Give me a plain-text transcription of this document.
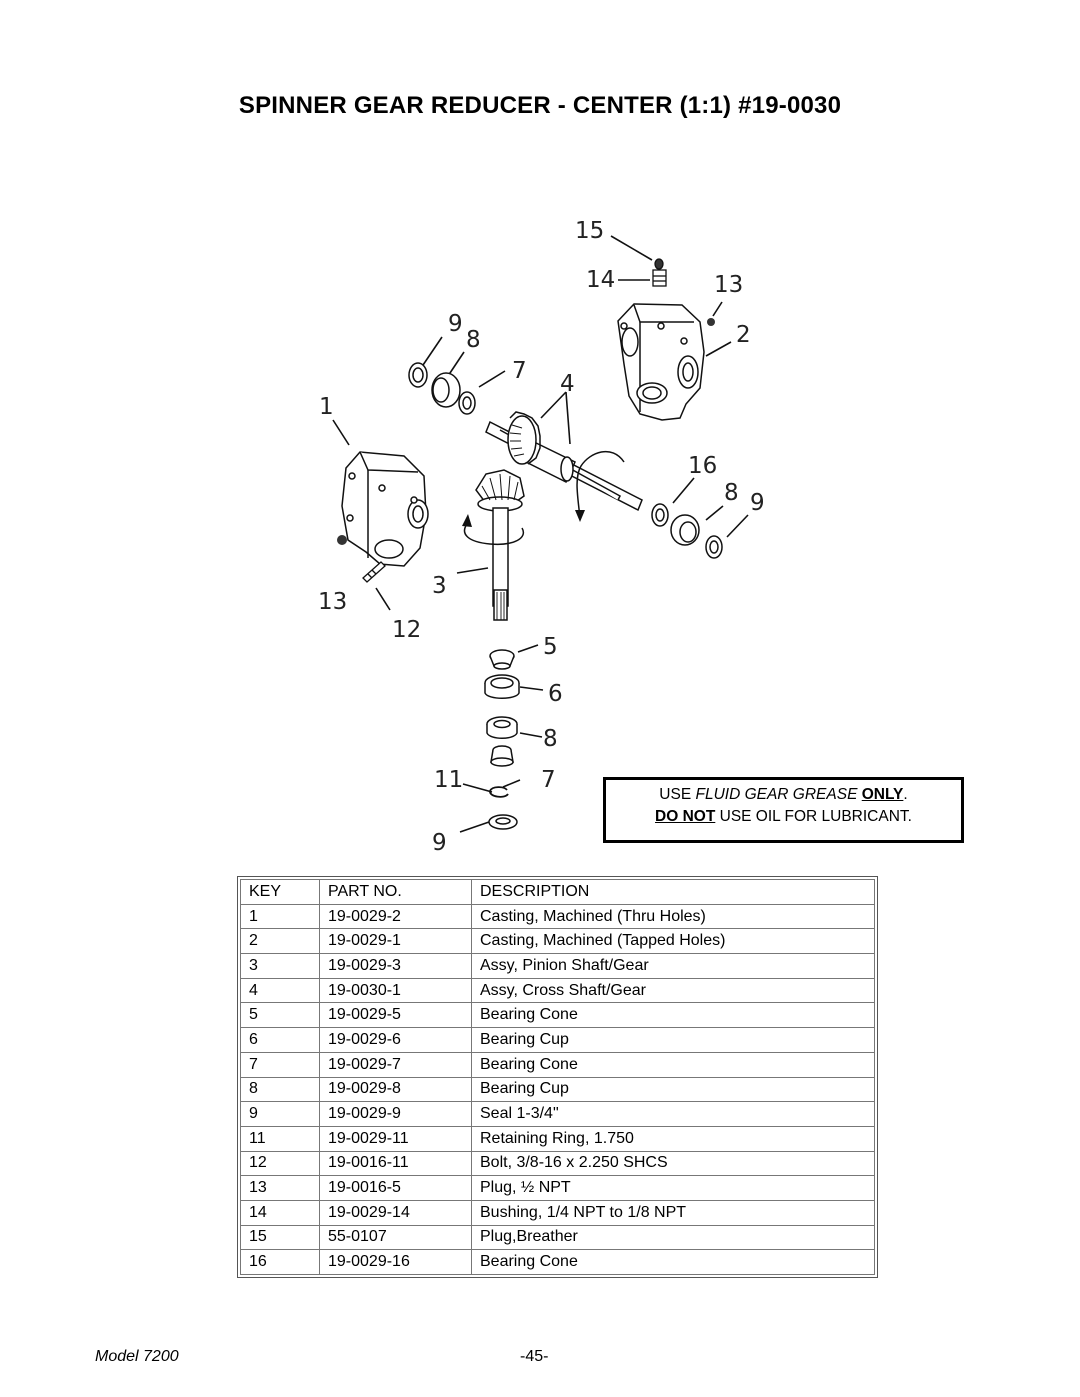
SPINNER GEAR REDUCER - CENTER (1:1) #19-0030
15
14	13
2
9
8
7 4
1
16
8 9
3
13
12
5
6
8
11	7
9
USE FLUID GEAR GREASE ONLY.
DO NOT USE OIL FOR LUBRICANT.
KEY	PART NO.	DESCRIPTION
1	19-0029-2	Casting, Machined (Thru Holes)
2	19-0029-1	Casting, Machined (Tapped Holes)
3	19-0029-3	Assy, Pinion Shaft/Gear
4	19-0030-1	Assy, Cross Shaft/Gear
5	19-0029-5	Bearing Cone
6	19-0029-6	Bearing Cup
7	19-0029-7	Bearing Cone
8	19-0029-8	Bearing Cup
9	19-0029-9	Seal 1-3/4"
11	19-0029-11	Retaining Ring, 1.750
12	19-0016-11	Bolt, 3/8-16 x 2.250 SHCS
13	19-0016-5	Plug, ½ NPT
14	19-0029-14	Bushing, 1/4 NPT to 1/8 NPT
15	55-0107	Plug,Breather
16	19-0029-16	Bearing Cone
Model 7200	-45-
